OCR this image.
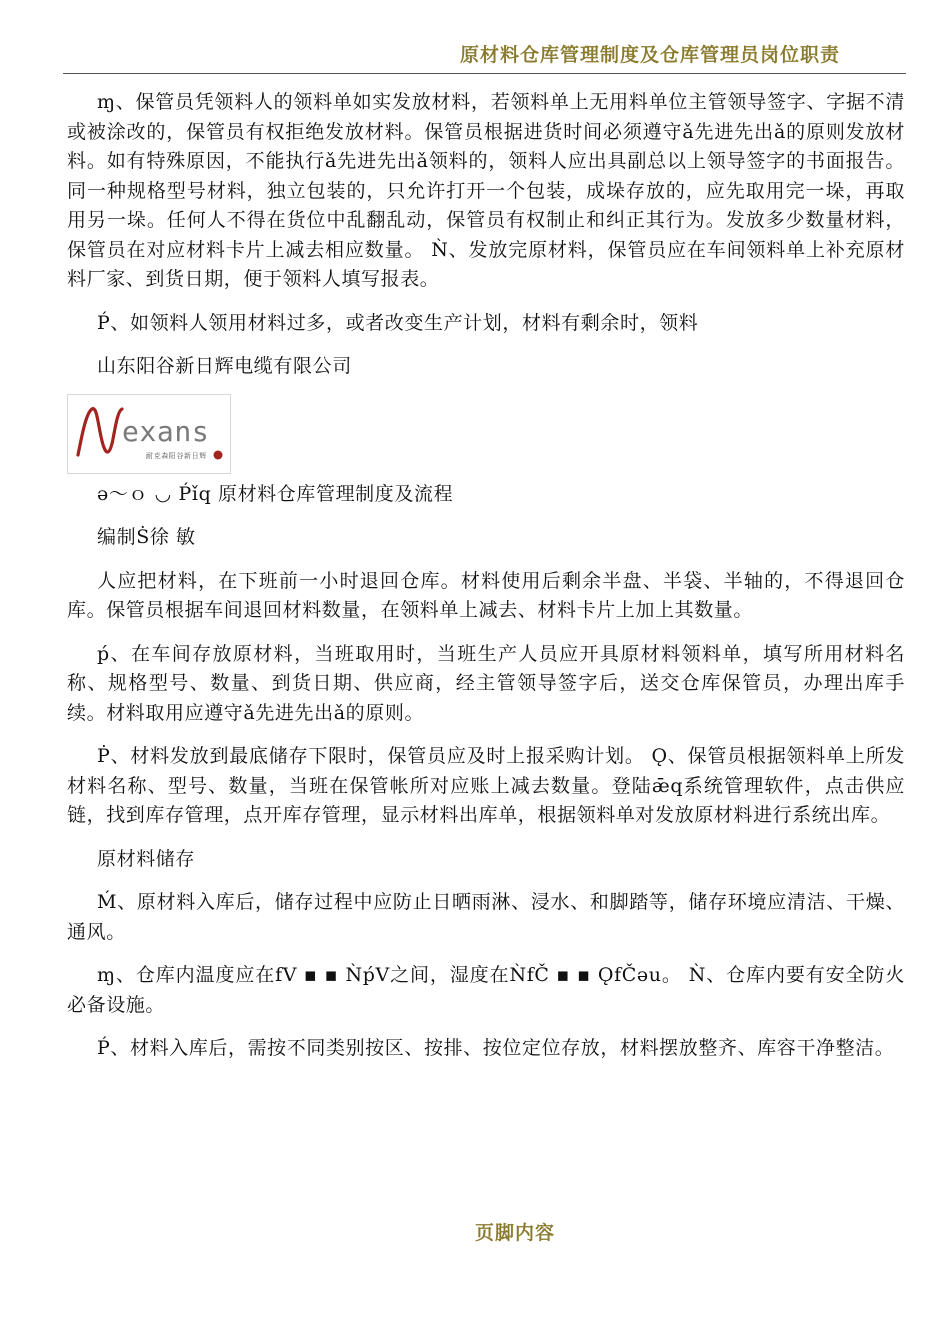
原材料仓库管理制度及仓库管理员岗位职责

ɱ、保管员凭领料人的领料单如实发放材料，若领料单上无用料单位主管领导签字、字据不清或被涂改的，保管员有权拒绝发放材料。保管员根据进货时间必须遵守ǎ先进先出ǎ的原则发放材料。如有特殊原因，不能执行ǎ先进先出ǎ领料的，领料人应出具副总以上领导签字的书面报告。同一种规格型号材料，独立包装的，只允许打开一个包装，成垛存放的，应先取用完一垛，再取用另一垛。任何人不得在货位中乱翻乱动，保管员有权制止和纠正其行为。发放多少数量材料，保管员在对应材料卡片上减去相应数量。 Ǹ、发放完原材料，保管员应在车间领料单上补充原材料厂家、到货日期，便于领料人填写报表。

Ṕ、如领料人领用材料过多，或者改变生产计划，材料有剩余时，领料

山东阳谷新日辉电缆有限公司

exans
耐克森阳谷新日辉

ǝ～ｏ ◡ Ṕǐq 原材料仓库管理制度及流程

编制Ṡ徐 敏

人应把材料，在下班前一小时退回仓库。材料使用后剩余半盘、半袋、半轴的，不得退回仓库。保管员根据车间退回材料数量，在领料单上减去、材料卡片上加上其数量。

ṕ、在车间存放原材料，当班取用时，当班生产人员应开具原材料领料单，填写所用材料名称、规格型号、数量、到货日期、供应商，经主管领导签字后，送交仓库保管员，办理出库手续。材料取用应遵守ǎ先进先出ǎ的原则。

Ṗ、材料发放到最底储存下限时，保管员应及时上报采购计划。 Ǫ、保管员根据领料单上所发材料名称、型号、数量，当班在保管帐所对应账上减去数量。登陆ǣq系统管理软件，点击供应链，找到库存管理，点开库存管理，显示材料出库单，根据领料单对发放原材料进行系统出库。

原材料储存

Ḿ、原材料入库后，储存过程中应防止日晒雨淋、浸水、和脚踏等，储存环境应清洁、干燥、通风。

ɱ、仓库内温度应在fV ▪ ▪ ǸṕV之间，湿度在ǸfČ ▪ ▪ ǪfČəu。 Ǹ、仓库内要有安全防火必备设施。

Ṕ、材料入库后，需按不同类别按区、按排、按位定位存放，材料摆放整齐、库容干净整洁。

页脚内容
